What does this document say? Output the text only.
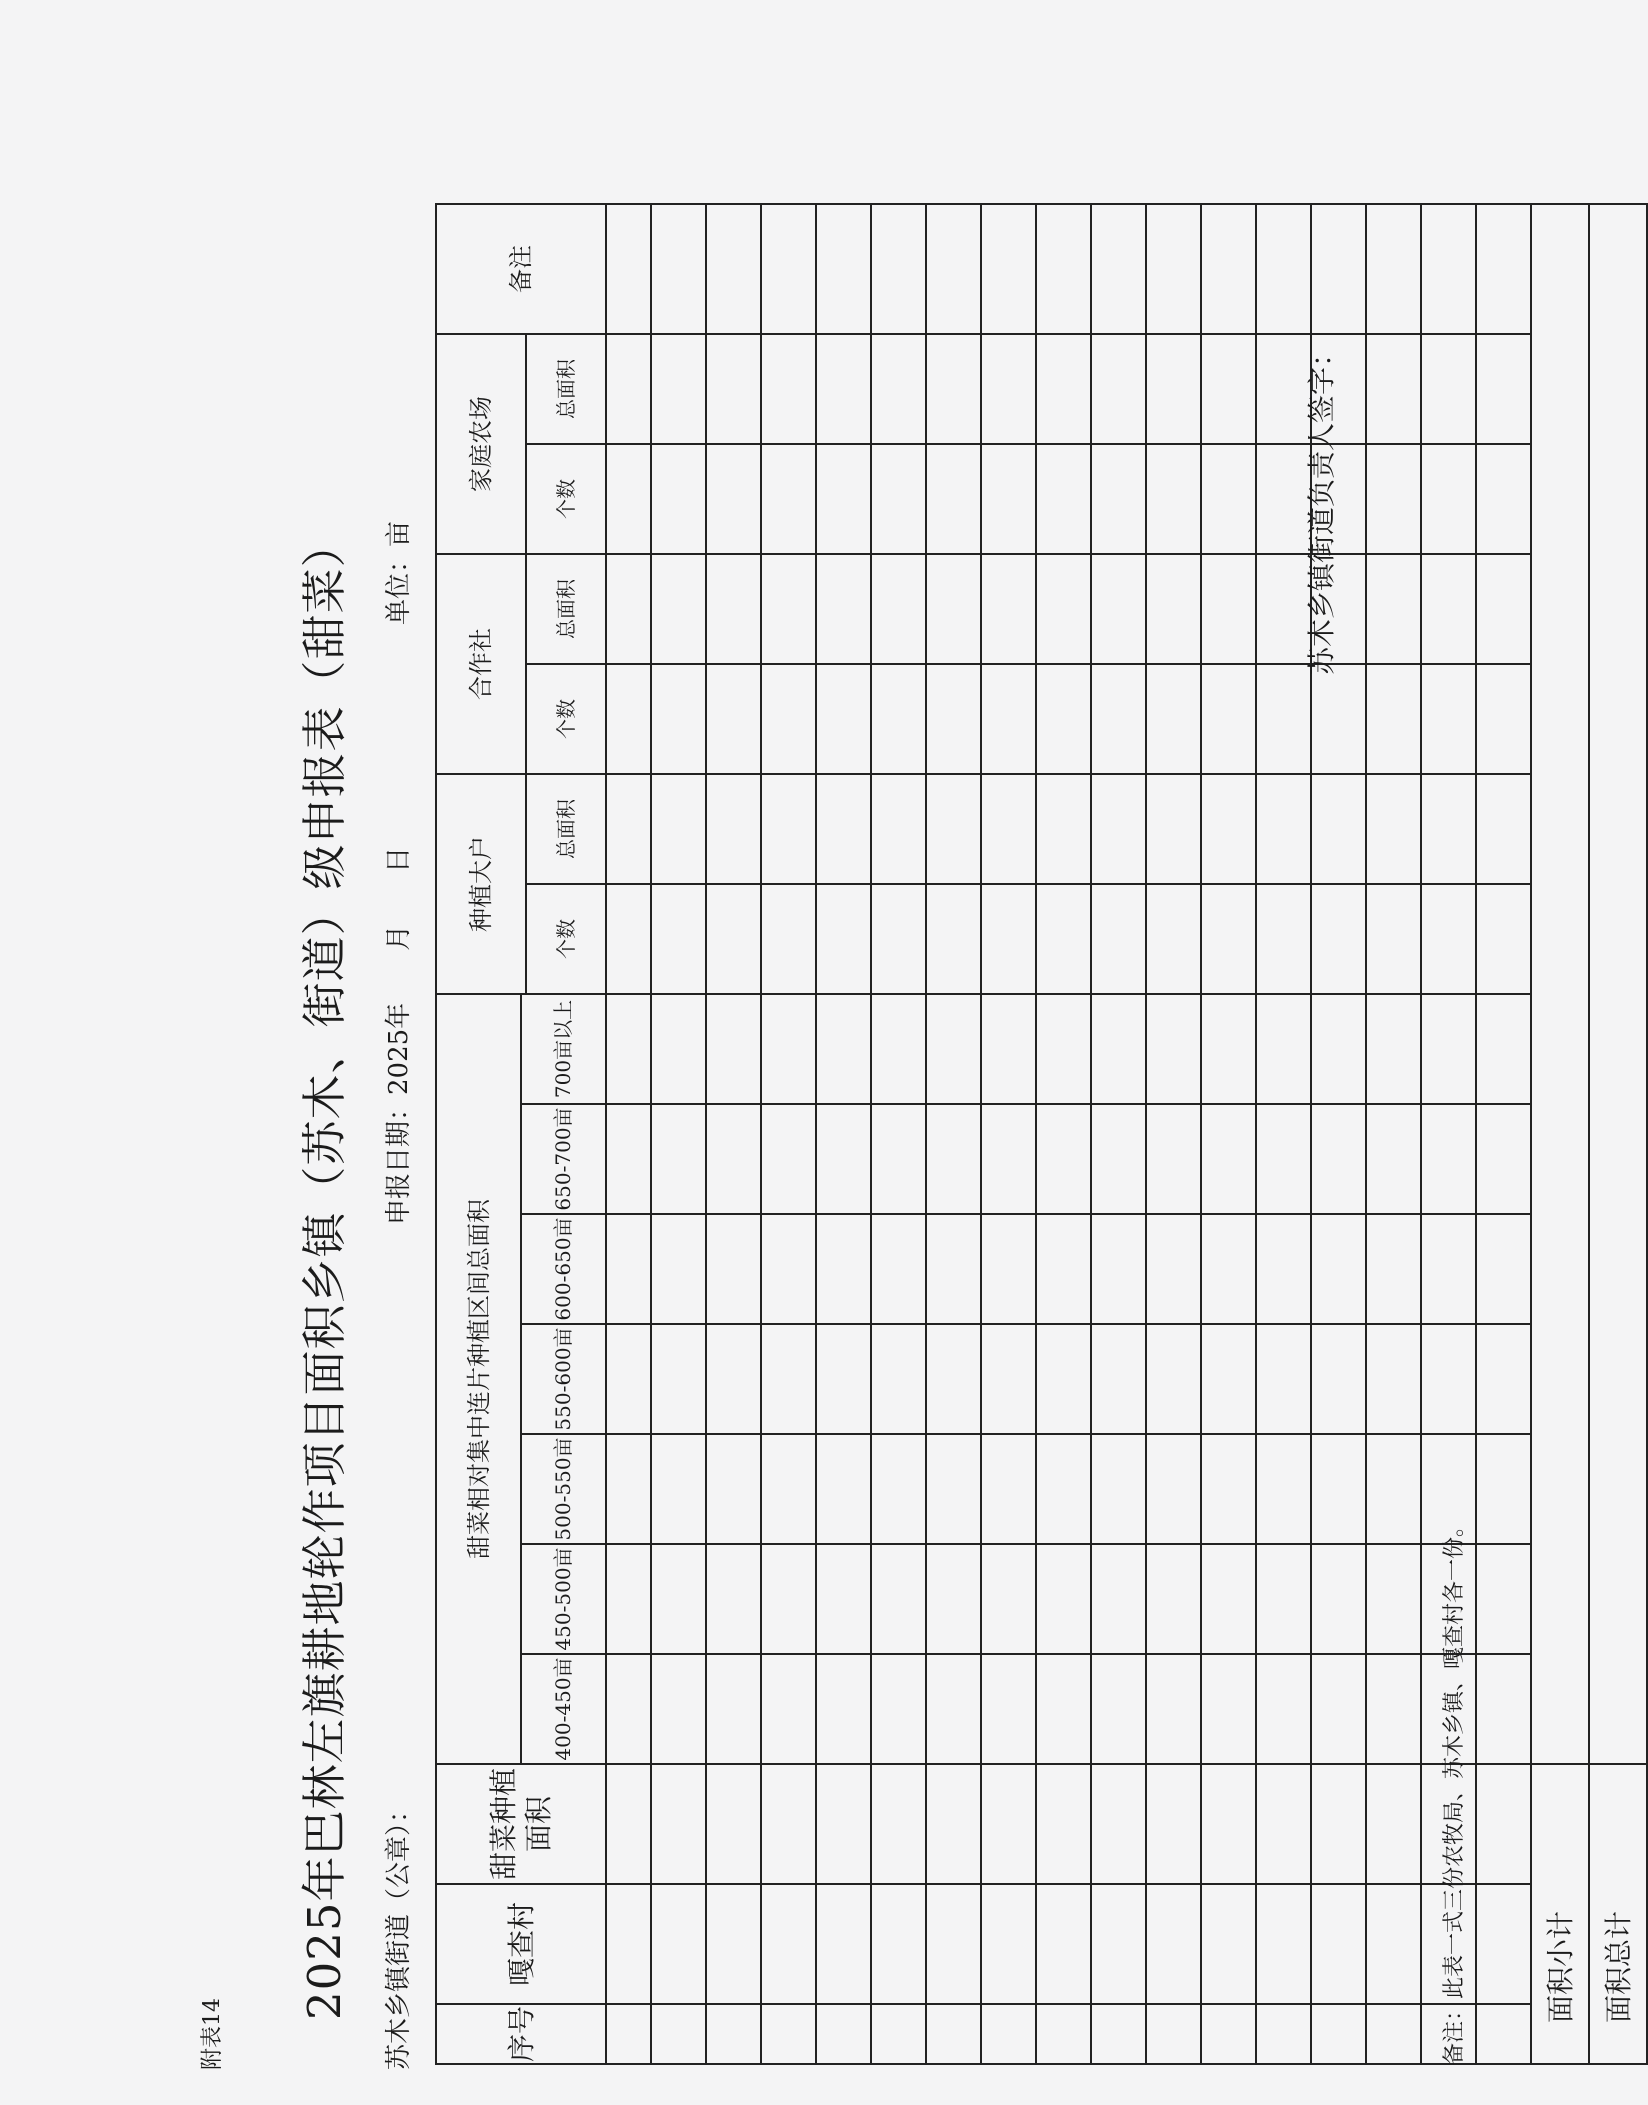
附表14
2025年巴林左旗耕地轮作项目面积乡镇（苏木、街道）级申报表（甜菜） 苏木乡镇街道（公章）：
申报日期：2025年　　月　　日
单位：亩
序号	嘎查村	甜菜种植面积	甜菜相对集中连片种植区间总面积							种植大户		合作社		家庭农场		备注
			400-450亩	450-500亩	500-550亩	550-600亩	600-650亩	650-700亩	700亩以上							
										个数	总面积	个数	总面积	个数	总面积	

面积小计																
面积总计																
备注：此表一式三份农牧局、苏木乡镇、嘎查村各一份。
苏木乡镇街道负责人签字：
